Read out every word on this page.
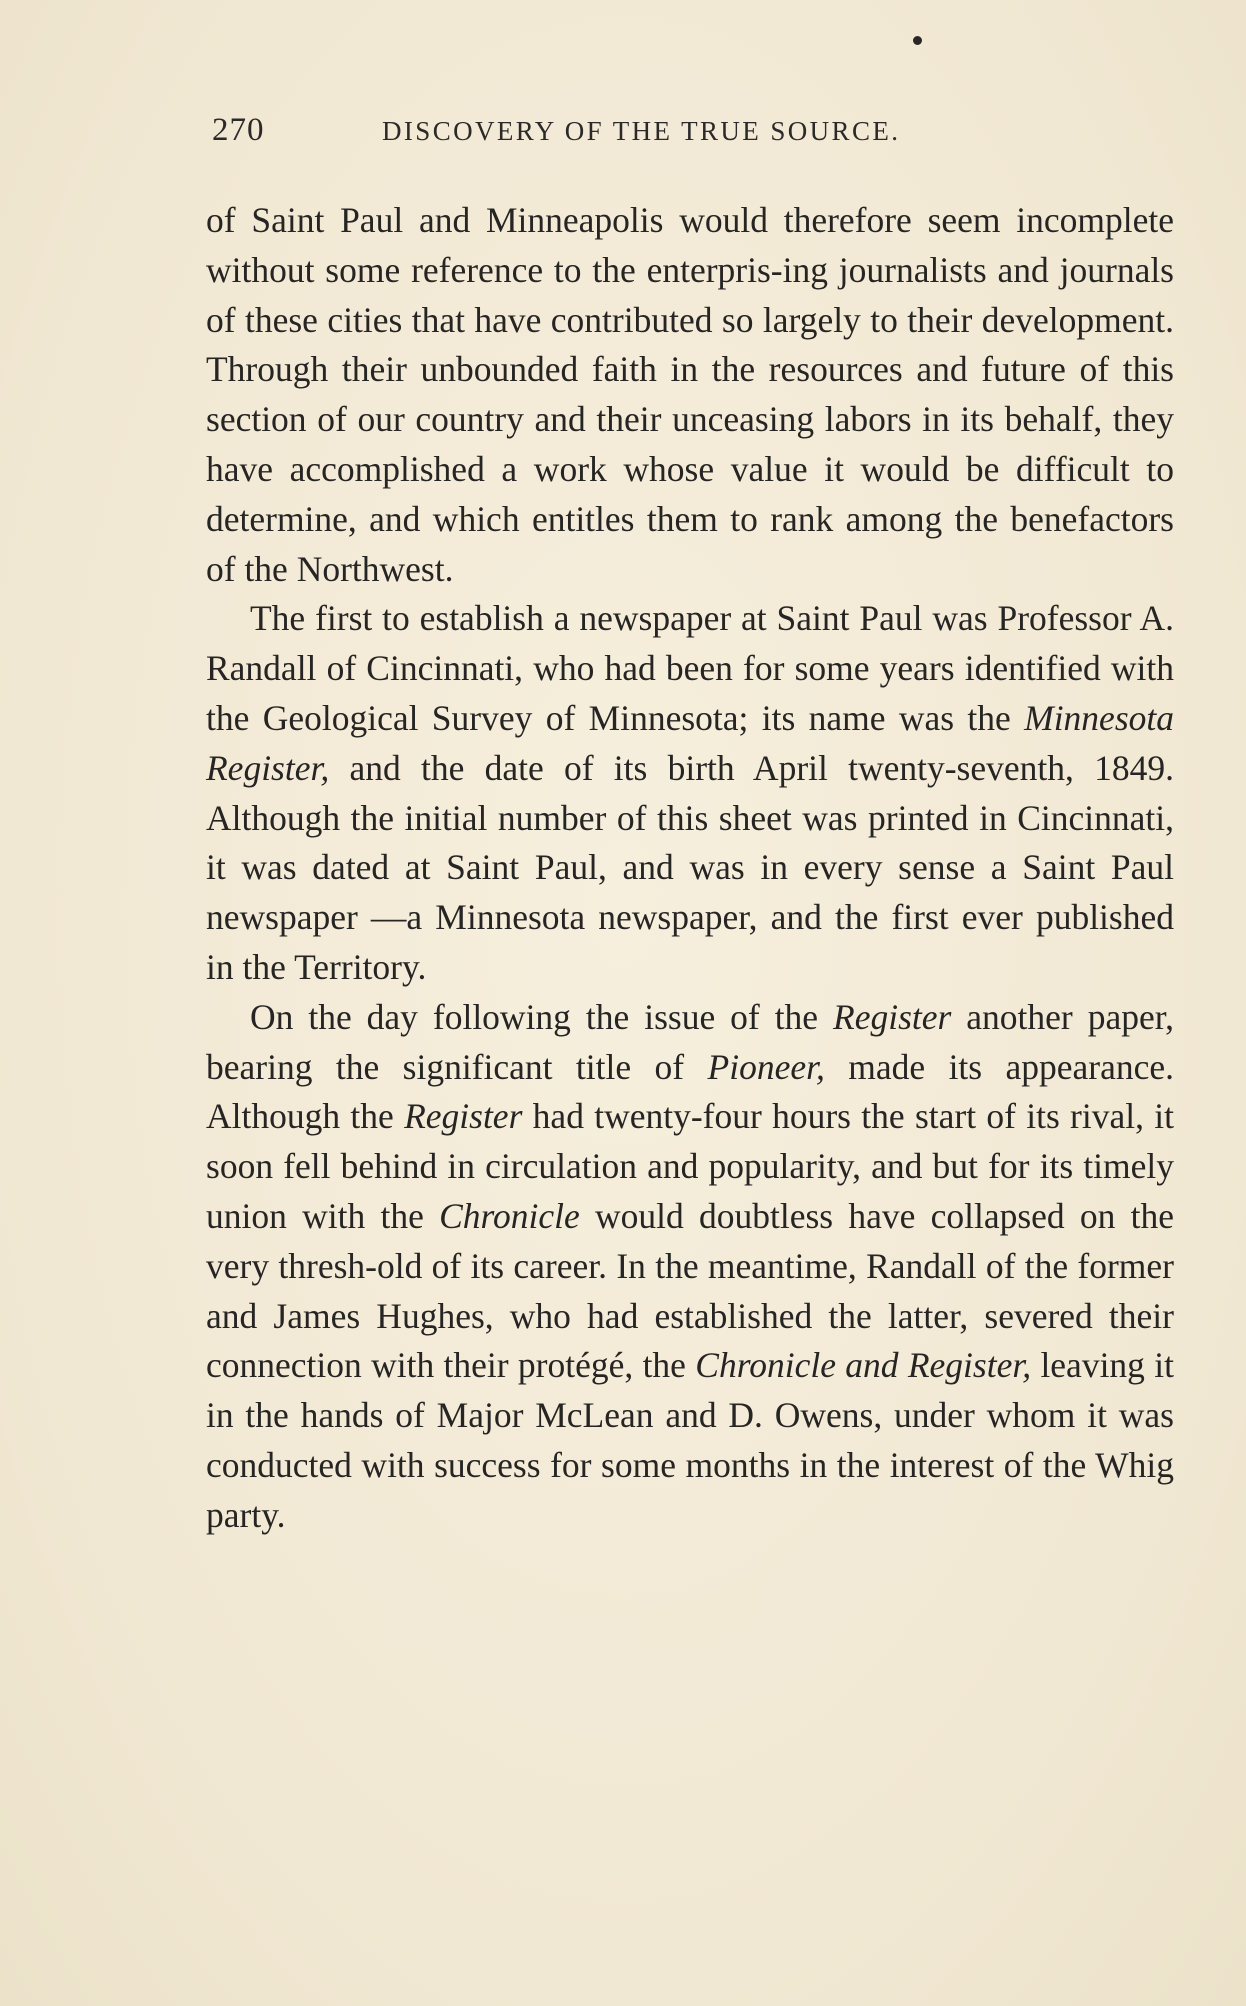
270	DISCOVERY OF THE TRUE SOURCE.

of Saint Paul and Minneapolis would therefore seem incomplete without some reference to the enterpris-ing journalists and journals of these cities that have contributed so largely to their development. Through their unbounded faith in the resources and future of this section of our country and their unceasing labors in its behalf, they have accomplished a work whose value it would be difficult to determine, and which entitles them to rank among the benefactors of the Northwest.

The first to establish a newspaper at Saint Paul was Professor A. Randall of Cincinnati, who had been for some years identified with the Geological Survey of Minnesota; its name was the Minnesota Register, and the date of its birth April twenty-seventh, 1849. Although the initial number of this sheet was printed in Cincinnati, it was dated at Saint Paul, and was in every sense a Saint Paul newspaper —a Minnesota newspaper, and the first ever published in the Territory.

On the day following the issue of the Register another paper, bearing the significant title of Pioneer, made its appearance. Although the Register had twenty-four hours the start of its rival, it soon fell behind in circulation and popularity, and but for its timely union with the Chronicle would doubtless have collapsed on the very thresh-old of its career. In the meantime, Randall of the former and James Hughes, who had established the latter, severed their connection with their protégé, the Chronicle and Register, leaving it in the hands of Major McLean and D. Owens, under whom it was conducted with success for some months in the interest of the Whig party.
